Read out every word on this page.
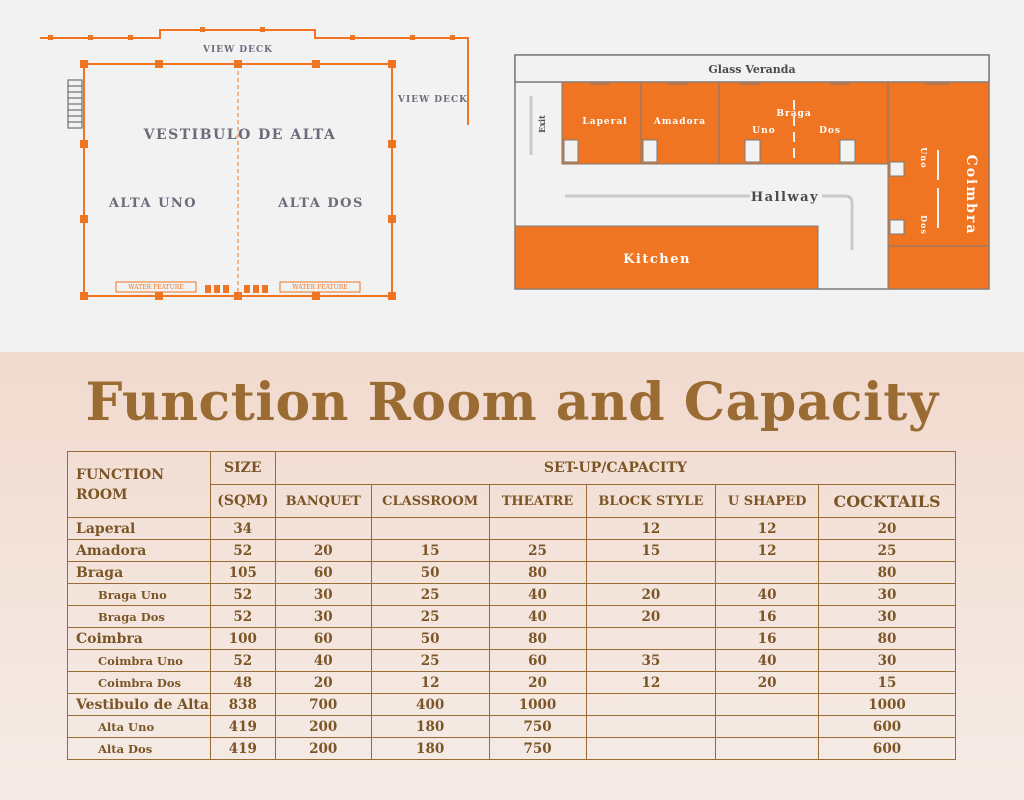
WATER FEATURE	WATER FEATURE
VIEW DECK
VIEW DECK
VESTIBULO DE ALTA
ALTA UNO	ALTA DOS
Glass Veranda
Exit	Laperal	Amadora
Braga
Uno	Dos
Hallway
Kitchen
Coimbra
Uno
Dos
Function Room and Capacity
FUNCTION ROOM	SIZE	SET-UP/CAPACITY					
	(SQM)	BANQUET	CLASSROOM	THEATRE	BLOCK STYLE	U SHAPED	COCKTAILS
Laperal	34				12	12	20
Amadora	52	20	15	25	15	12	25
Braga	105	60	50	80			80
Braga Uno	52	30	25	40	20	40	30
Braga Dos	52	30	25	40	20	16	30
Coimbra	100	60	50	80		16	80
Coimbra Uno	52	40	25	60	35	40	30
Coimbra Dos	48	20	12	20	12	20	15
Vestibulo de Alta	838	700	400	1000			1000
Alta Uno	419	200	180	750			600
Alta Dos	419	200	180	750			600
